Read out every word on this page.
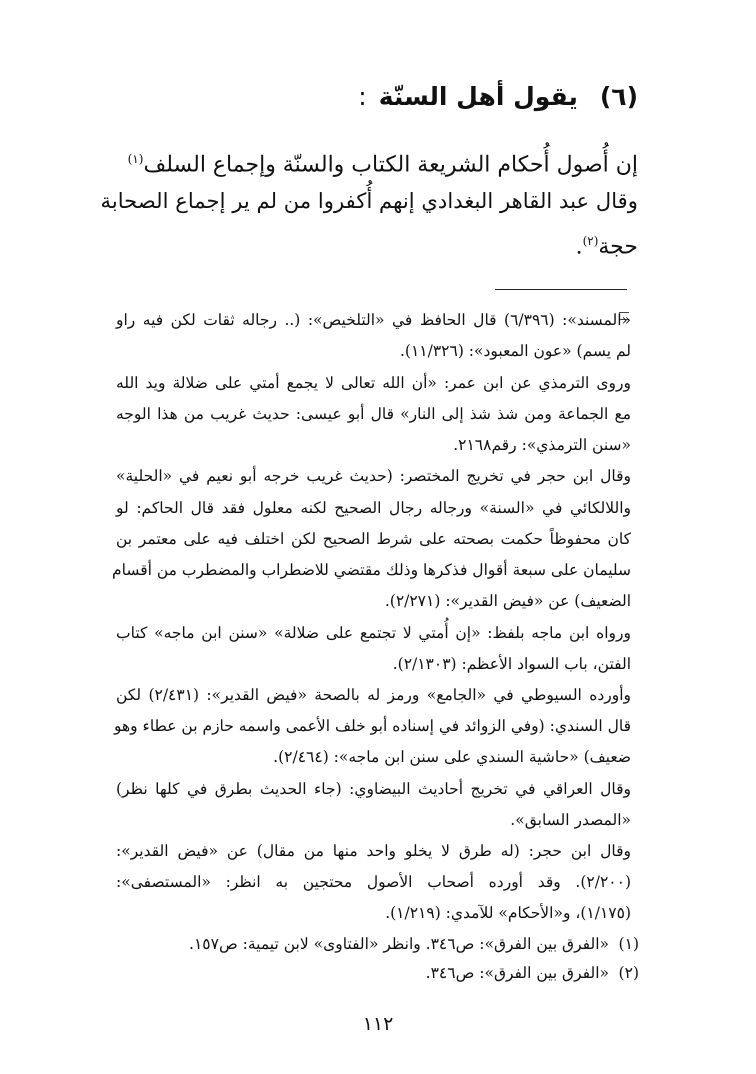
(٦)يقول أهل السنّة:
إن أُصول أُحكام الشريعة الكتاب والسنّة وإجماع السلف$^{(١)}$
وقال عبد القاهر البغدادي إنهم أُكفروا من لم ير إجماع الصحابة
حجة$^{(٢)}$.
«المسند»: (٦/٣٩٦) قال الحافظ في «التلخيص»: (.. رجاله ثقات لكن فيه راو
لم يسم) «عون المعبود»: (١١/٣٢٦).
وروى الترمذي عن ابن عمر: «أن الله تعالى لا يجمع أمتي على ضلالة ويد الله
مع الجماعة ومن شذ شذ إلى النار» قال أبو عيسى: حديث غريب من هذا الوجه
«سنن الترمذي»: رقم٢١٦٨.
وقال ابن حجر في تخريج المختصر: (حديث غريب خرجه أبو نعيم في «الحلية»
واللالكائي في «السنة» ورجاله رجال الصحيح لكنه معلول فقد قال الحاكم: لو
كان محفوظاً حكمت بصحته على شرط الصحيح لكن اختلف فيه على معتمر بن
سليمان على سبعة أقوال فذكرها وذلك مقتضي للاضطراب والمضطرب من أقسام
الضعيف) عن «فيض القدير»: (٢/٢٧١).
ورواه ابن ماجه بلفظ: «إن أُمتي لا تجتمع على ضلالة» «سنن ابن ماجه» كتاب
الفتن، باب السواد الأعظم: (٢/١٣٠٣).
وأورده السيوطي في «الجامع» ورمز له بالصحة «فيض القدير»: (٢/٤٣١) لكن
قال السندي: (وفي الزوائد في إسناده أبو خلف الأعمى واسمه حازم بن عطاء وهو
ضعيف) «حاشية السندي على سنن ابن ماجه»: (٢/٤٦٤).
وقال العراقي في تخريج أحاديث البيضاوي: (جاء الحديث بطرق في كلها نظر)
«المصدر السابق».
وقال ابن حجر: (له طرق لا يخلو واحد منها من مقال) عن «فيض القدير»:
(٢/٢٠٠). وقد أورده أصحاب الأصول محتجين به انظر: «المستصفى»:
(١/١٧٥)، و«الأحكام» للآمدي: (١/٢١٩).
(١)«الفرق بين الفرق»: ص٣٤٦. وانظر «الفتاوى» لابن تيمية: ص١٥٧.
(٢)«الفرق بين الفرق»: ص٣٤٦.
١١٢
